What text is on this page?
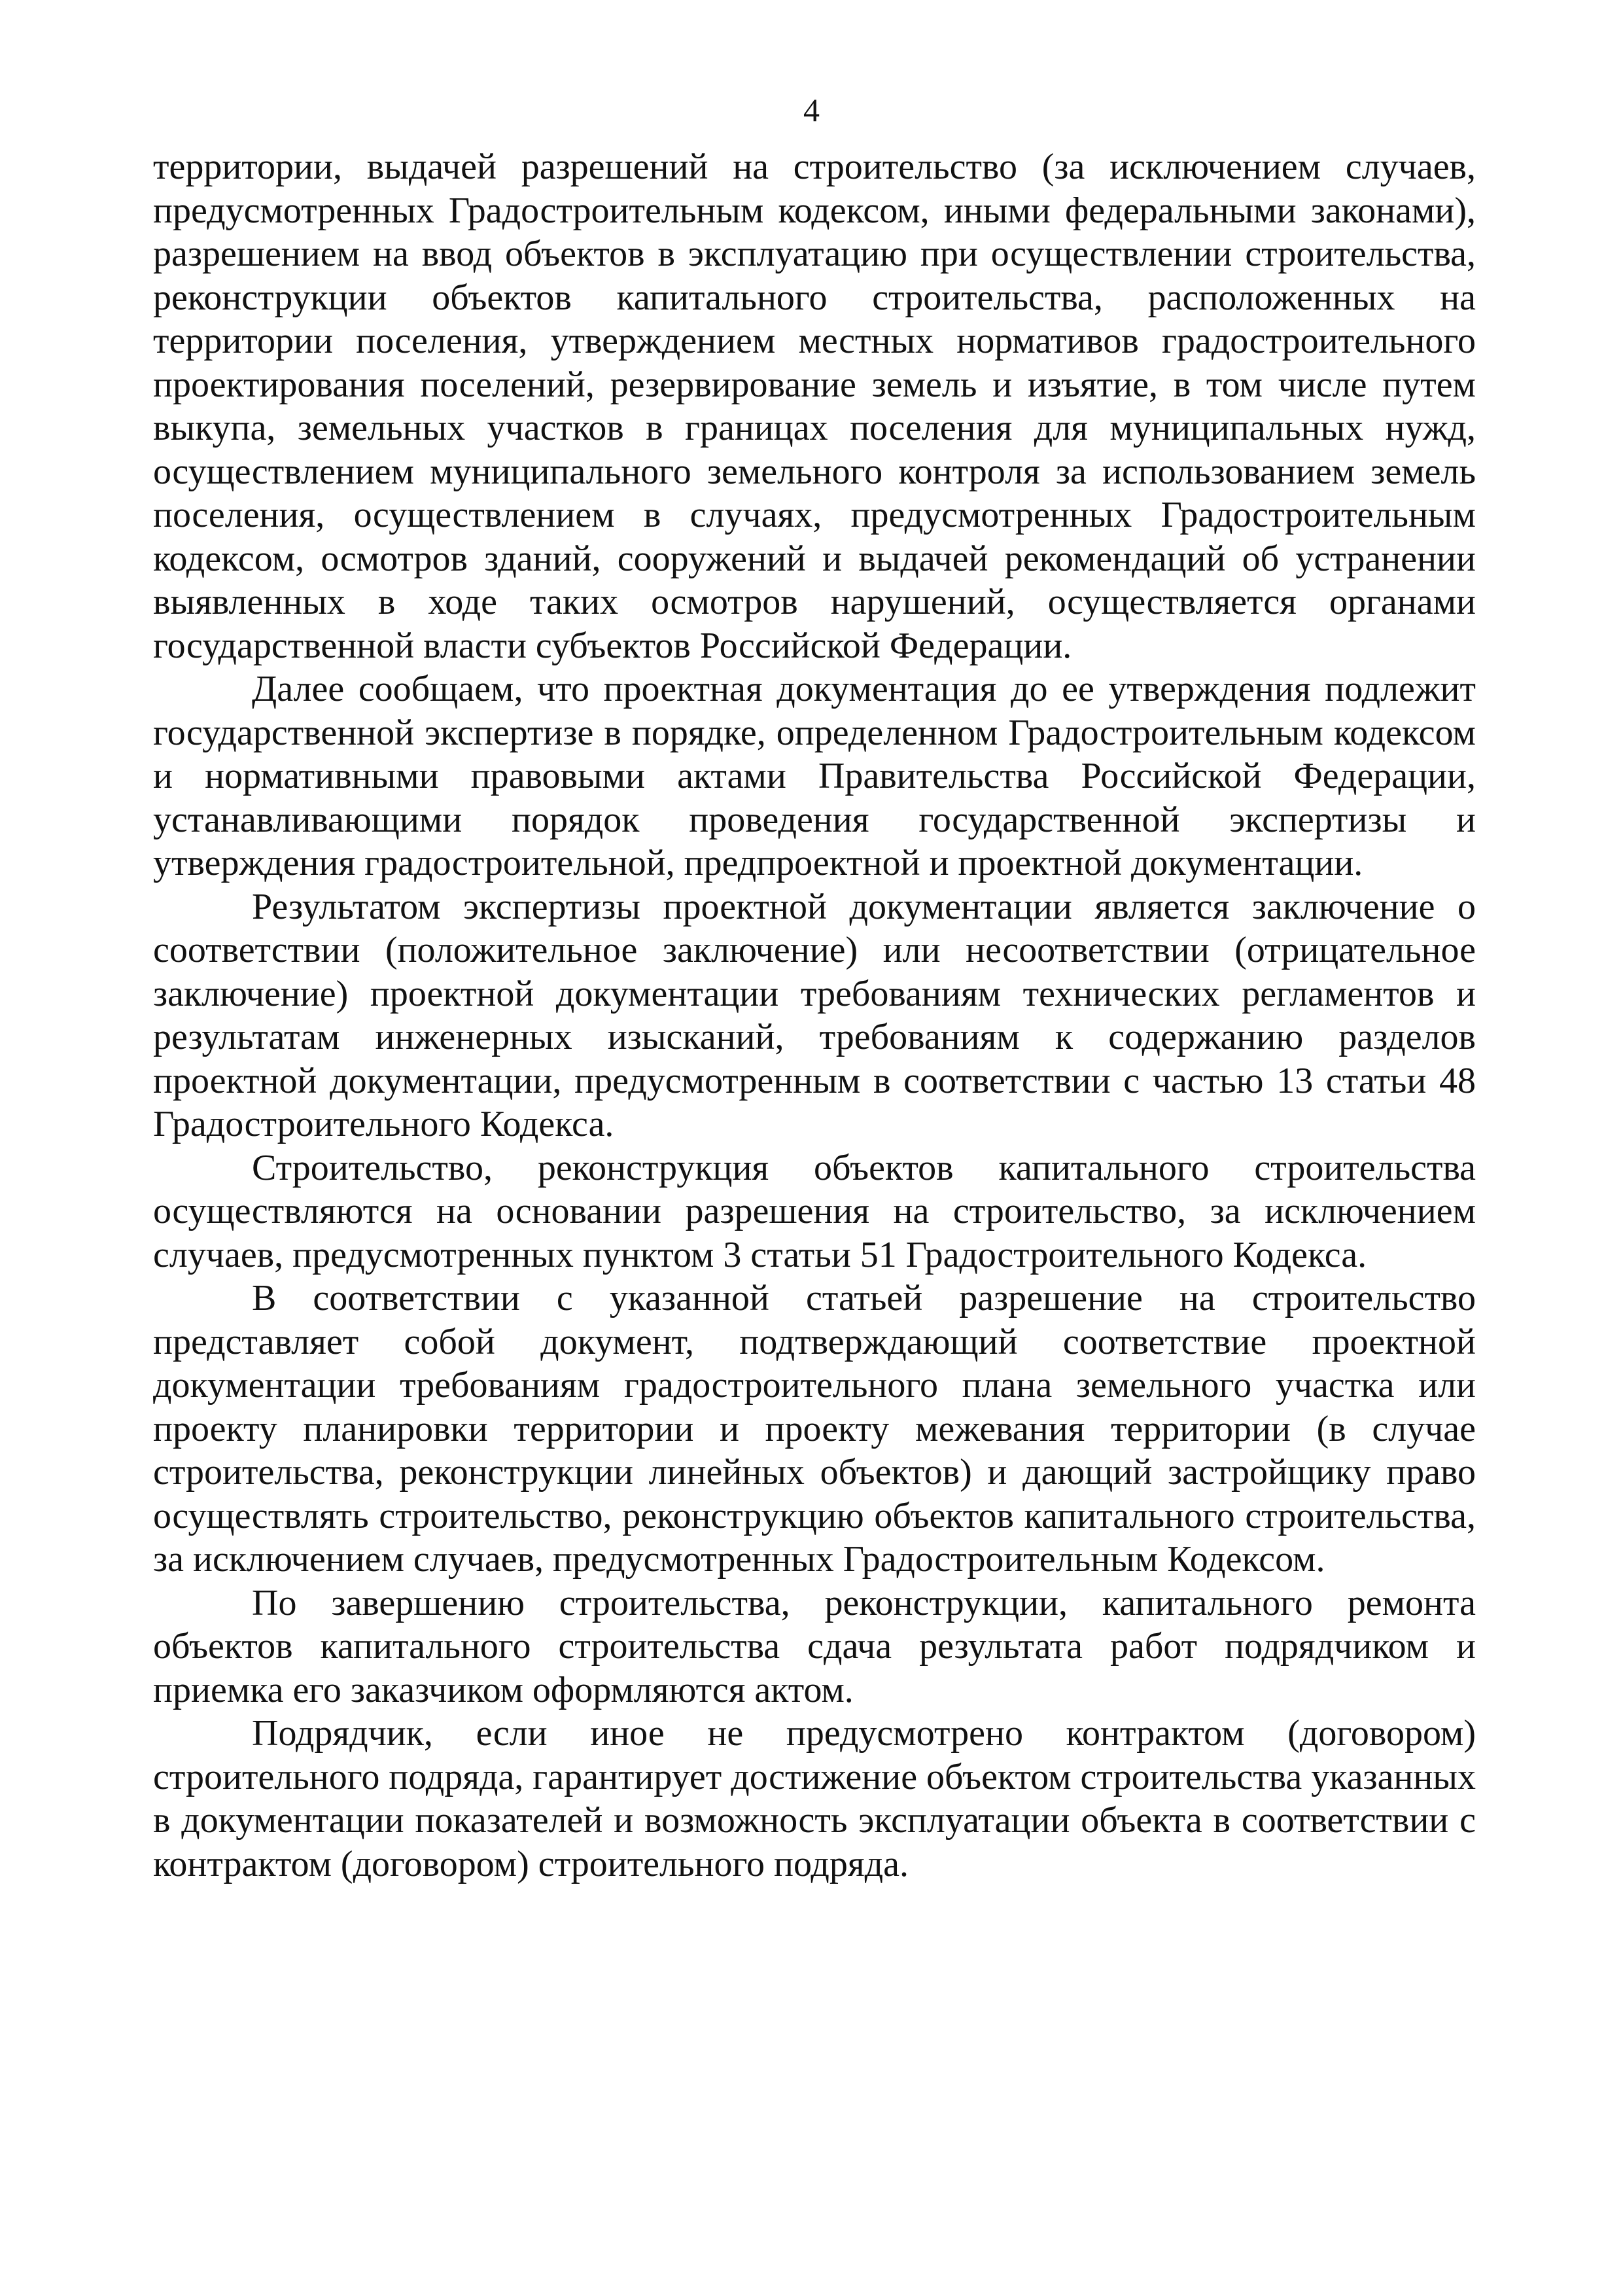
4

территории, выдачей разрешений на строительство (за исключением случаев, предусмотренных Градостроительным кодексом, иными федеральными законами), разрешением на ввод объектов в эксплуатацию при осуществлении строительства, реконструкции объектов капитального строительства, расположенных на территории поселения, утверждением местных нормативов градостроительного проектирования поселений, резервирование земель и изъятие, в том числе путем выкупа, земельных участков в границах поселения для муниципальных нужд, осуществлением муниципального земельного контроля за использованием земель поселения, осуществлением в случаях, предусмотренных Градостроительным кодексом, осмотров зданий, сооружений и выдачей рекомендаций об устранении выявленных в ходе таких осмотров нарушений, осуществляется органами государственной власти субъектов Российской Федерации.

Далее сообщаем, что проектная документация до ее утверждения подлежит государственной экспертизе в порядке, определенном Градостроительным кодексом и нормативными правовыми актами Правительства Российской Федерации, устанавливающими порядок проведения государственной экспертизы и утверждения градостроительной, предпроектной и проектной документации.

Результатом экспертизы проектной документации является заключение о соответствии (положительное заключение) или несоответствии (отрицательное заключение) проектной документации требованиям технических регламентов и результатам инженерных изысканий, требованиям к содержанию разделов проектной документации, предусмотренным в соответствии с частью 13 статьи 48 Градостроительного Кодекса.

Строительство, реконструкция объектов капитального строительства осуществляются на основании разрешения на строительство, за исключением случаев, предусмотренных пунктом 3 статьи 51 Градостроительного Кодекса.

В соответствии с указанной статьей разрешение на строительство представляет собой документ, подтверждающий соответствие проектной документации требованиям градостроительного плана земельного участка или проекту планировки территории и проекту межевания территории (в случае строительства, реконструкции линейных объектов) и дающий застройщику право осуществлять строительство, реконструкцию объектов капитального строительства, за исключением случаев, предусмотренных Градостроительным Кодексом.

По завершению строительства, реконструкции, капитального ремонта объектов капитального строительства сдача результата работ подрядчиком и приемка его заказчиком оформляются актом.

Подрядчик, если иное не предусмотрено контрактом (договором) строительного подряда, гарантирует достижение объектом строительства указанных в документации показателей и возможность эксплуатации объекта в соответствии с контрактом (договором) строительного подряда.
